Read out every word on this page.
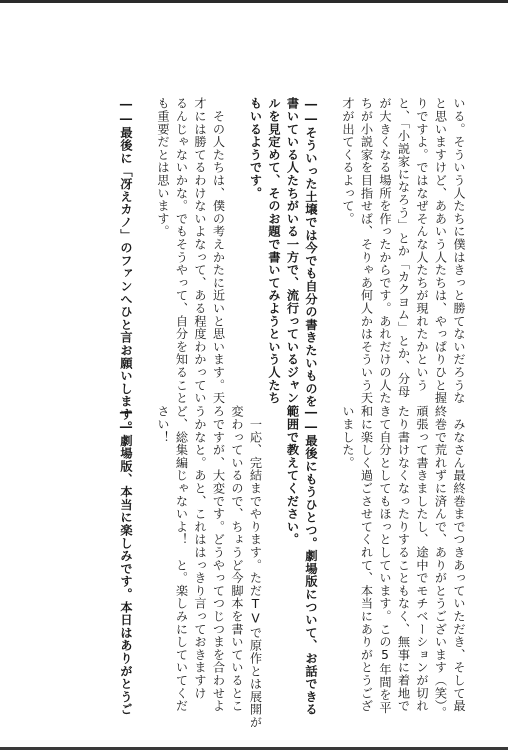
いる。そういう人たちに僕はきっと勝てないだろうな
と思いますけど、ああいう人たちは、やっぱりひと握
りですよ。ではなぜそんな人たちが現れたかという
と、「小説家になろう」とか「カクヨム」とか、分母
が大きくなる場所を作ったからです。あれだけの人た
ちが小説家を目指せば、そりゃあ何人かはそういう天
才が出てくるよって。
――そういった土壌では今でも自分の書きたいものを
書いている人たちがいる一方で、流行っているジャン
ルを見定めて、そのお題で書いてみようという人たち
もいるようです。
　その人たちは、僕の考えかたに近いと思います。天
才には勝てるわけないよなって、ある程度わかってい
るんじゃないかな。でもそうやって、自分を知ること
も重要だとは思います。
――最後に「冴えカノ」のファンへひと言お願いします。
　みなさん最終巻までつきあっていただき、そして最
終巻で荒れずに済んで、ありがとうございます（笑）。
頑張って書きましたし、途中でモチベーションが切れ
たり書けなくなったりすることもなく、無事に着地で
きて自分としてもほっとしています。この5年間を平
和に楽しく過ごさせてくれて、本当にありがとうござ
いました。
――最後にもうひとつ。劇場版について、お話できる
範囲で教えてください。
　一応、完結までやります。ただTVで原作とは展開が
変わっているので、ちょうど今脚本を書いているとこ
ろですが、大変です。どうやってつじつまを合わせよ
うかなと。あと、これははっきり言っておきますけ
ど、総集編じゃないよ！　と。楽しみにしていてくだ
さい！
――劇場版、本当に楽しみです。本日はありがとうご
